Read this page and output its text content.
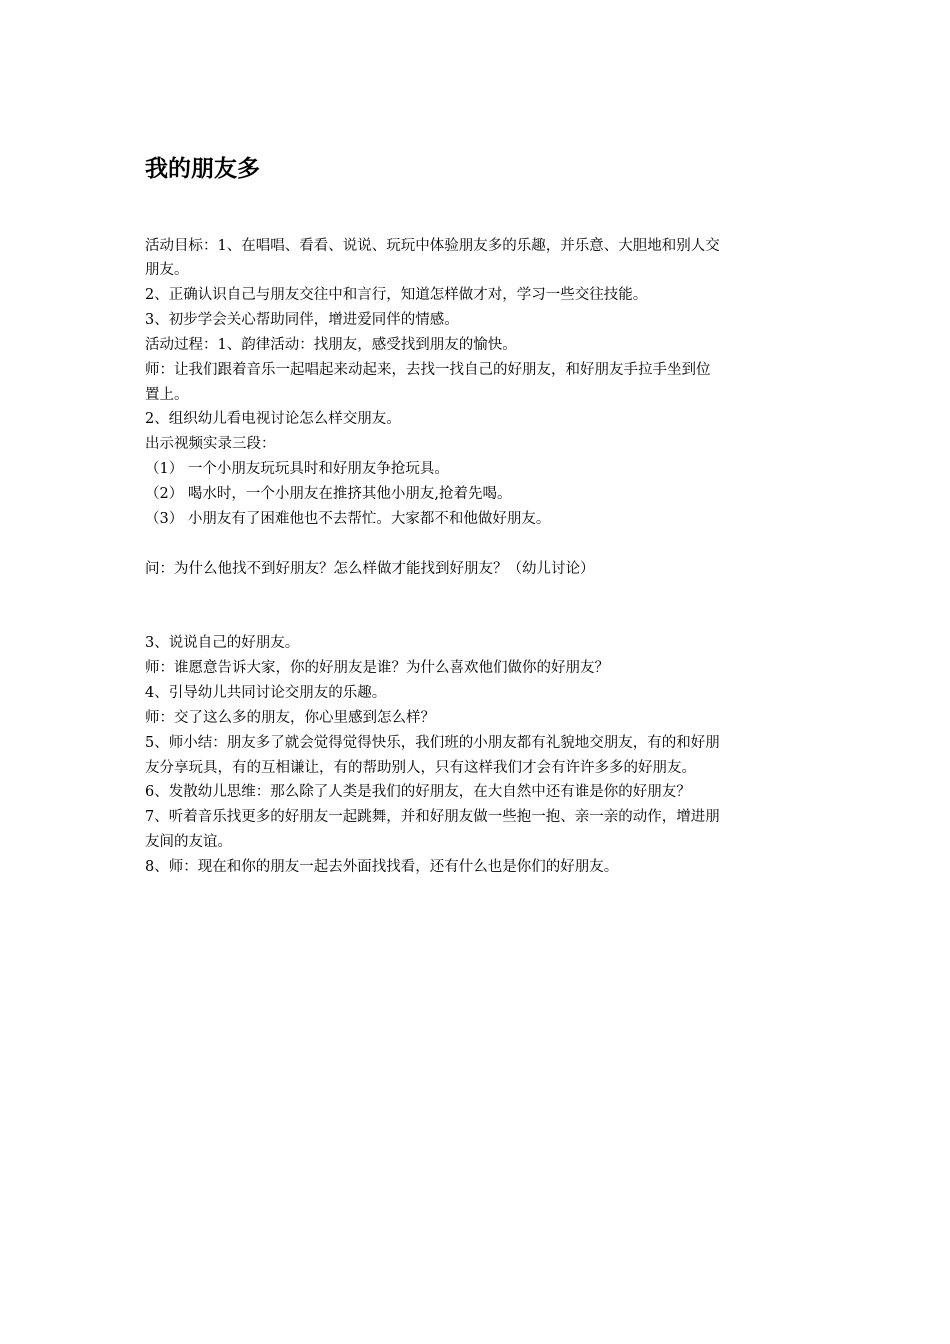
我的朋友多

活动目标：1、在唱唱、看看、说说、玩玩中体验朋友多的乐趣，并乐意、大胆地和别人交

朋友。

2、正确认识自己与朋友交往中和言行，知道怎样做才对，学习一些交往技能。

3、初步学会关心帮助同伴，增进爱同伴的情感。

活动过程：1、韵律活动：找朋友，感受找到朋友的愉快。

师：让我们跟着音乐一起唱起来动起来，去找一找自己的好朋友，和好朋友手拉手坐到位

置上。

2、组织幼儿看电视讨论怎么样交朋友。

出示视频实录三段：

（1） 一个小朋友玩玩具时和好朋友争抢玩具。

（2） 喝水时，一个小朋友在推挤其他小朋友,抢着先喝。

（3） 小朋友有了困难他也不去帮忙。大家都不和他做好朋友。

问：为什么他找不到好朋友？怎么样做才能找到好朋友？（幼儿讨论）

3、说说自己的好朋友。

师：谁愿意告诉大家，你的好朋友是谁？为什么喜欢他们做你的好朋友？

4、引导幼儿共同讨论交朋友的乐趣。

师：交了这么多的朋友，你心里感到怎么样？

5、师小结：朋友多了就会觉得觉得快乐，我们班的小朋友都有礼貌地交朋友，有的和好朋

友分享玩具，有的互相谦让，有的帮助别人，只有这样我们才会有许许多多的好朋友。

6、发散幼儿思维：那么除了人类是我们的好朋友，在大自然中还有谁是你的好朋友？

7、听着音乐找更多的好朋友一起跳舞，并和好朋友做一些抱一抱、亲一亲的动作，增进朋

友间的友谊。

8、师：现在和你的朋友一起去外面找找看，还有什么也是你们的好朋友。
